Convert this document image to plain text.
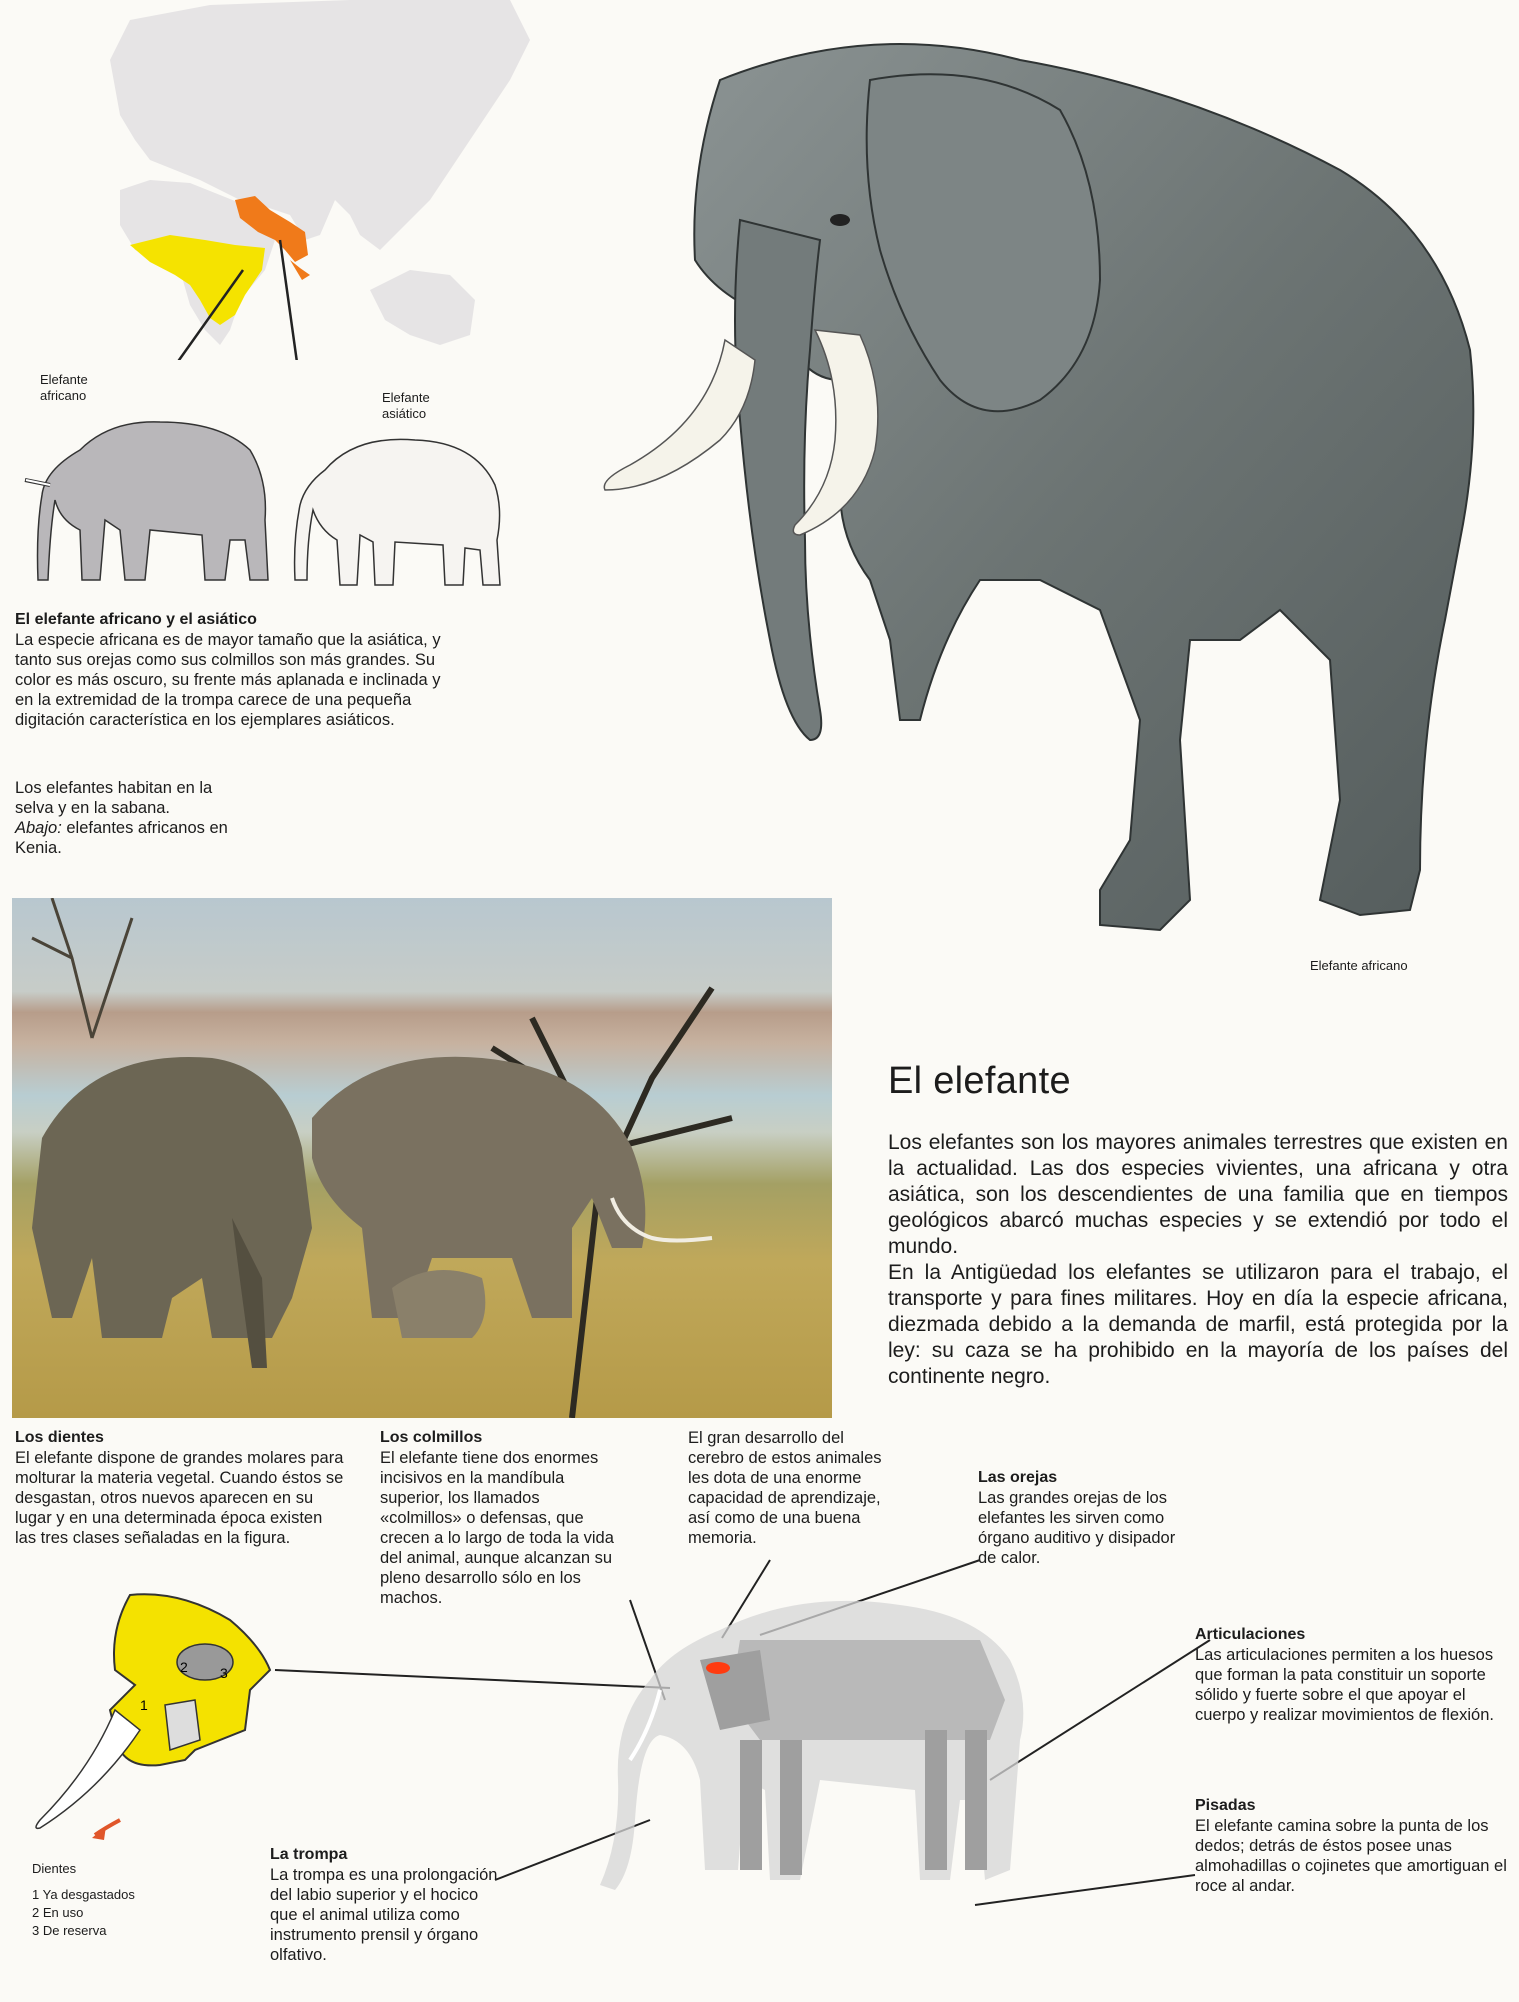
Elefante
africano	Elefante
asiático
El elefante africano y el asiático
La especie africana es de mayor tamaño que la asiática, y tanto sus orejas como sus colmillos son más grandes. Su color es más oscuro, su frente más aplanada e inclinada y en la extremidad de la trompa carece de una pequeña digitación característica en los ejemplares asiáticos.
Los elefantes habitan en la selva y en la sabana.
Abajo: elefantes africanos en Kenia.
Elefante africano
El elefante

Los elefantes son los mayores animales terrestres que existen en la actualidad. Las dos especies vivientes, una africana y otra asiática, son los descendientes de una familia que en tiempos geológicos abarcó muchas especies y se extendió por todo el mundo.

En la Antigüedad los elefantes se utilizaron para el trabajo, el transporte y para fines militares. Hoy en día la especie africana, diezmada debido a la demanda de marfil, está protegida por la ley: su caza se ha prohibido en la mayoría de los países del continente negro.

Los dientes
El elefante dispone de grandes molares para molturar la materia vegetal. Cuando éstos se desgastan, otros nuevos aparecen en su lugar y en una determinada época existen las tres clases señaladas en la figura.
Los colmillos
El elefante tiene dos enormes incisivos en la mandíbula superior, los llamados «colmillos» o defensas, que crecen a lo largo de toda la vida del animal, aunque alcanzan su pleno desarrollo sólo en los machos.
El gran desarrollo del cerebro de estos animales les dota de una enorme capacidad de aprendizaje, así como de una buena memoria.
Las orejas
Las grandes orejas de los elefantes les sirven como órgano auditivo y disipador de calor.
Articulaciones
Las articulaciones permiten a los huesos que forman la pata constituir un soporte sólido y fuerte sobre el que apoyar el cuerpo y realizar movimientos de flexión.
Pisadas
El elefante camina sobre la punta de los dedos; detrás de éstos posee unas almohadillas o cojinetes que amortiguan el roce al andar.
La trompa
La trompa es una prolongación del labio superior y el hocico que el animal utiliza como instrumento prensil y órgano olfativo.
1
2 3
Dientes
1 Ya desgastados
2 En uso
3 De reserva
